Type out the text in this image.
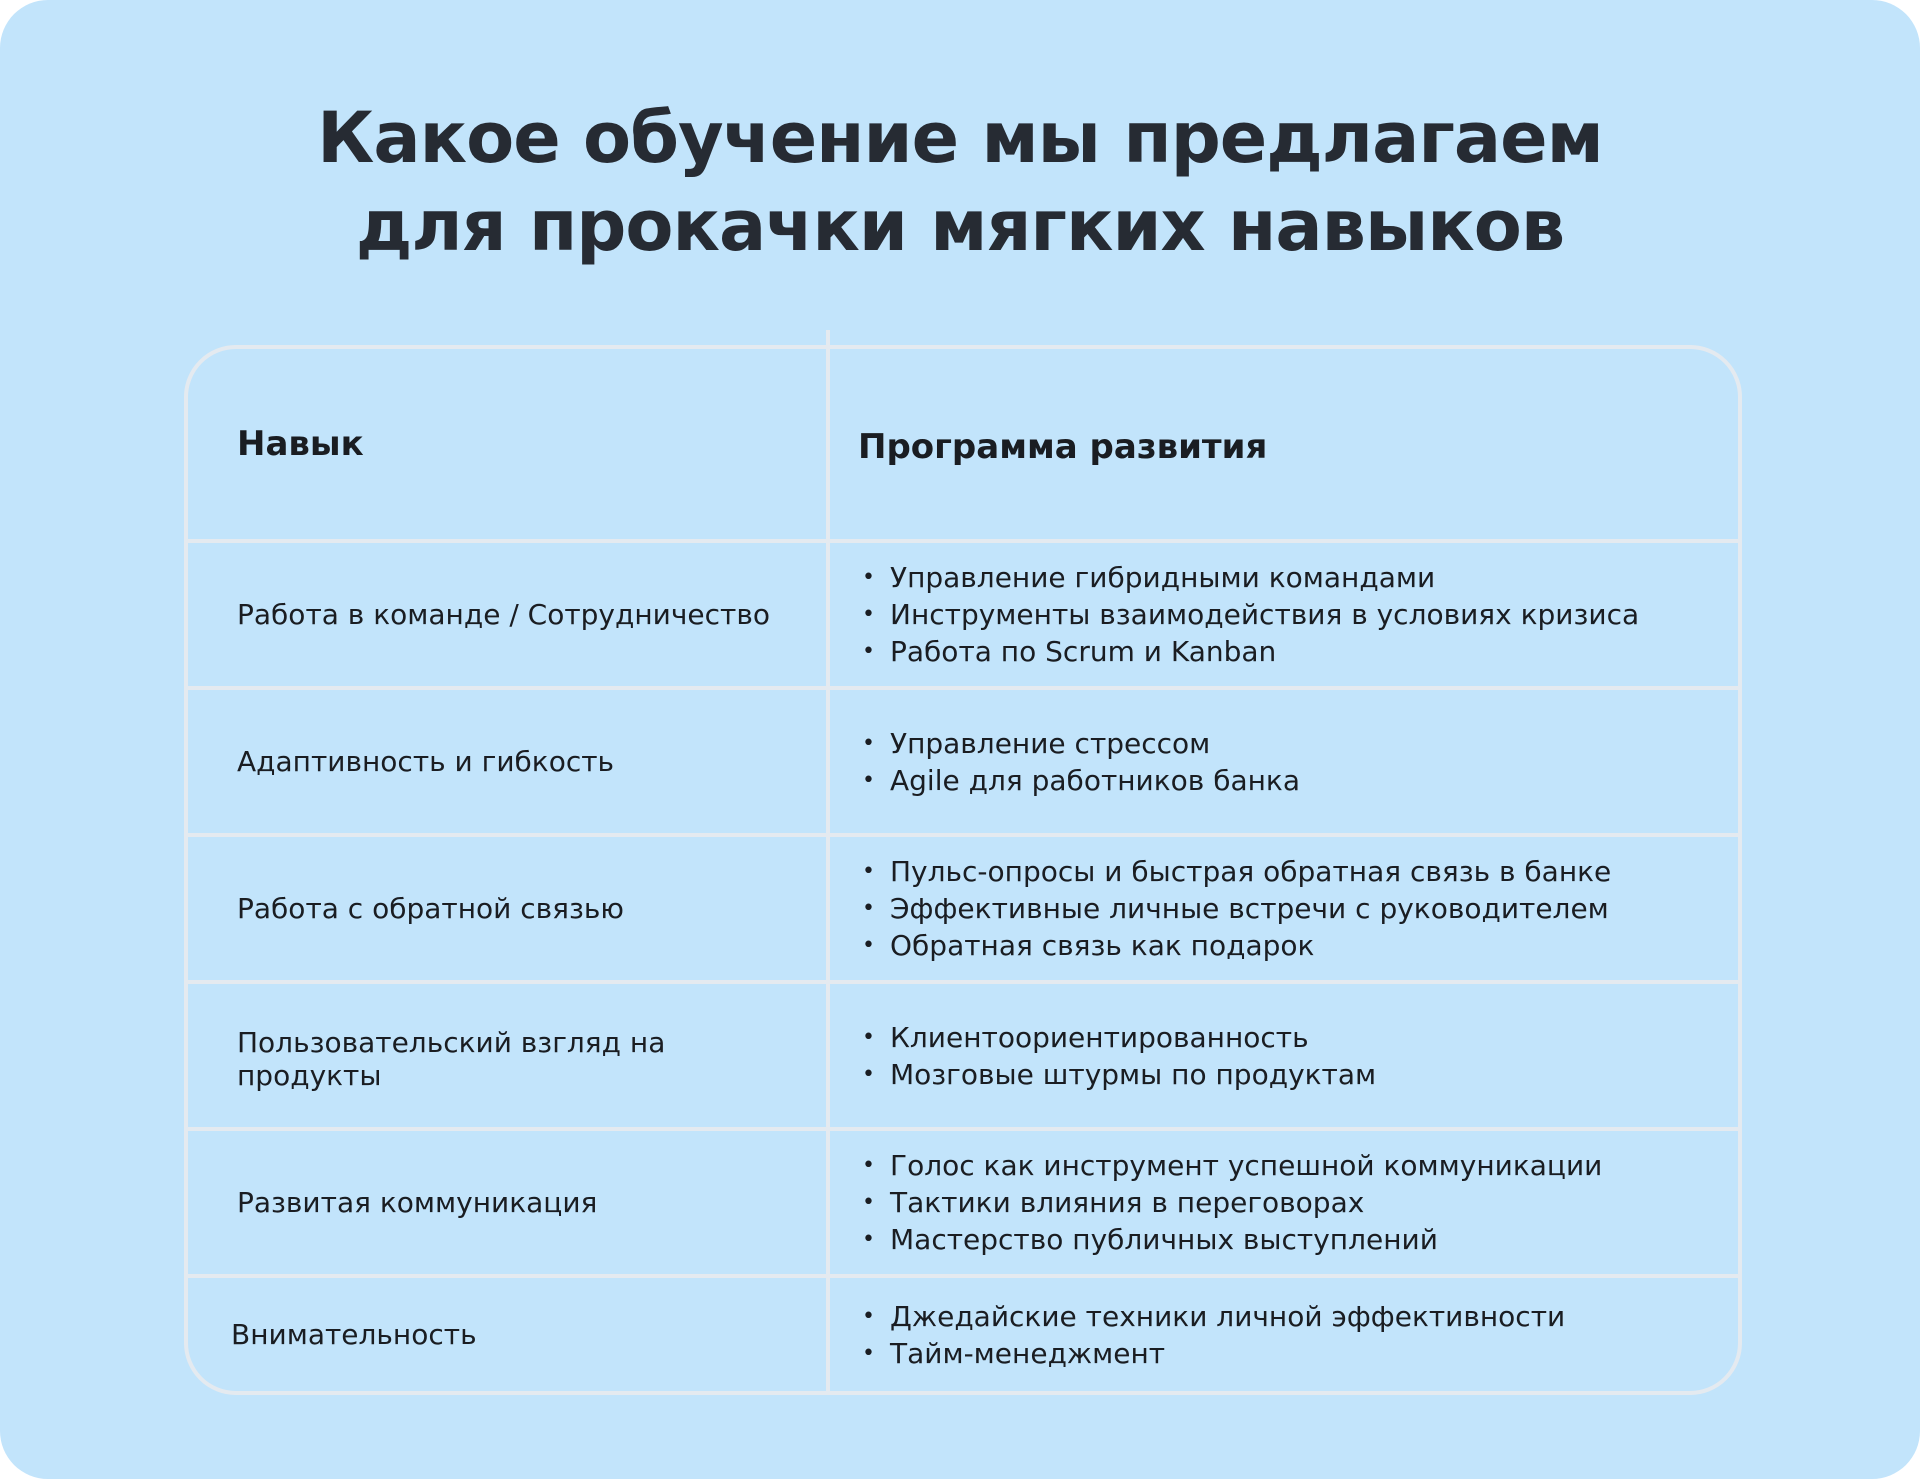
Какое обучение мы предлагаем
для прокачки мягких навыков
Навык	Программа развития
Работа в команде / Сотрудничество
• Управление гибридными командами
• Инструменты взаимодействия в условиях кризиса
• Работа по Scrum и Kanban
Адаптивность и гибкость
• Управление стрессом
• Agile для работников банка
Работа с обратной связью
• Пульс-опросы и быстрая обратная связь в банке
• Эффективные личные встречи с руководителем
• Обратная связь как подарок
Пользовательский взгляд на продукты
• Клиентоориентированность
• Мозговые штурмы по продуктам
Развитая коммуникация
• Голос как инструмент успешной коммуникации
• Тактики влияния в переговорах
• Мастерство публичных выступлений
Внимательность
• Джедайские техники личной эффективности
• Тайм-менеджмент
